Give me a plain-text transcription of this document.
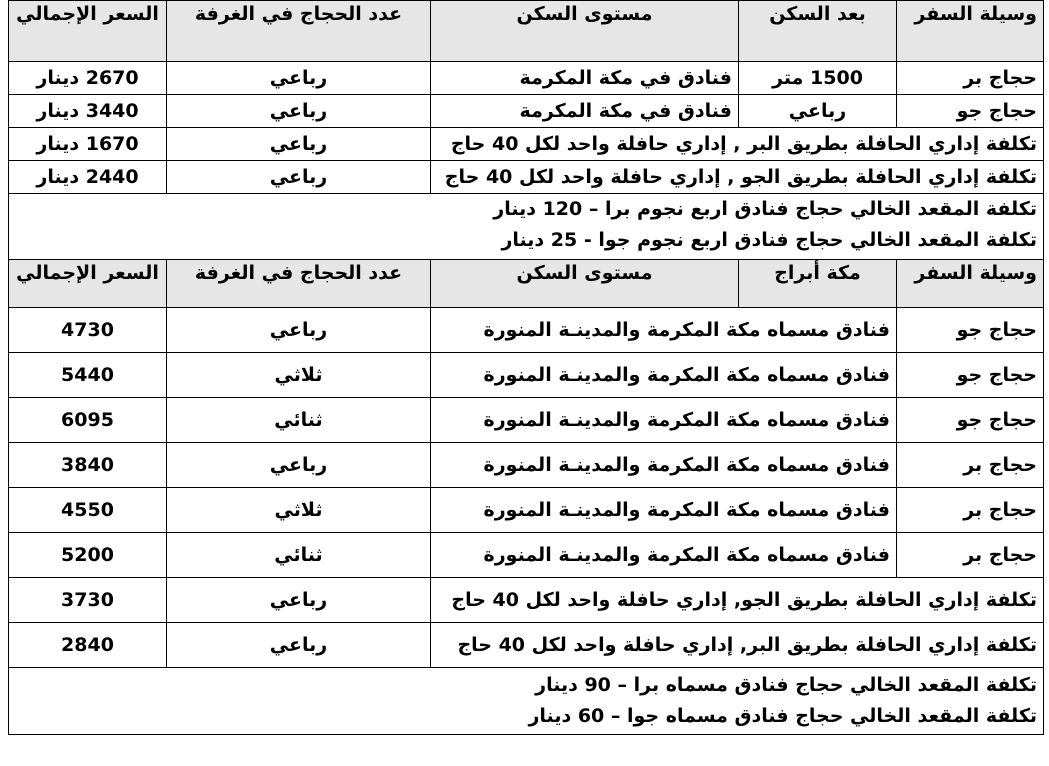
وسيلة السفر	بعد السكن	مستوى السكن	عدد الحجاج في الغرفة	السعر الإجمالي
حجاج بر	1500 متر	فنادق في مكة المكرمة	رباعي	2670 دينار
حجاج جو	رباعي	فنادق في مكة المكرمة	رباعي	3440 دينار
تكلفة إداري الحافلة بطريق البر , إداري حافلة واحد لكل 40 حاج			رباعي	1670 دينار
تكلفة إداري الحافلة بطريق الجو , إداري حافلة واحد لكل 40 حاج			رباعي	2440 دينار

تكلفة المقعد الخالي حجاج فنادق اربع نجوم برا – 120 دينار
تكلفة المقعد الخالي حجاج فنادق اربع نجوم جوا - 25 دينار				

وسيلة السفر	مكة أبراج	مستوى السكن	عدد الحجاج في الغرفة	السعر الإجمالي
حجاج جو	فنادق مسماه مكة المكرمة والمدينـة المنورة		رباعي	4730
حجاج جو	فنادق مسماه مكة المكرمة والمدينـة المنورة		ثلاثي	5440
حجاج جو	فنادق مسماه مكة المكرمة والمدينـة المنورة		ثنائي	6095
حجاج بر	فنادق مسماه مكة المكرمة والمدينـة المنورة		رباعي	3840
حجاج بر	فنادق مسماه مكة المكرمة والمدينـة المنورة		ثلاثي	4550
حجاج بر	فنادق مسماه مكة المكرمة والمدينـة المنورة		ثنائي	5200
تكلفة إداري الحافلة بطريق الجو, إداري حافلة واحد لكل 40 حاج			رباعي	3730
تكلفة إداري الحافلة بطريق البر, إداري حافلة واحد لكل 40 حاج			رباعي	2840

تكلفة المقعد الخالي حجاج فنادق مسماه برا – 90 دينار
تكلفة المقعد الخالي حجاج فنادق مسماه جوا – 60 دينار				
